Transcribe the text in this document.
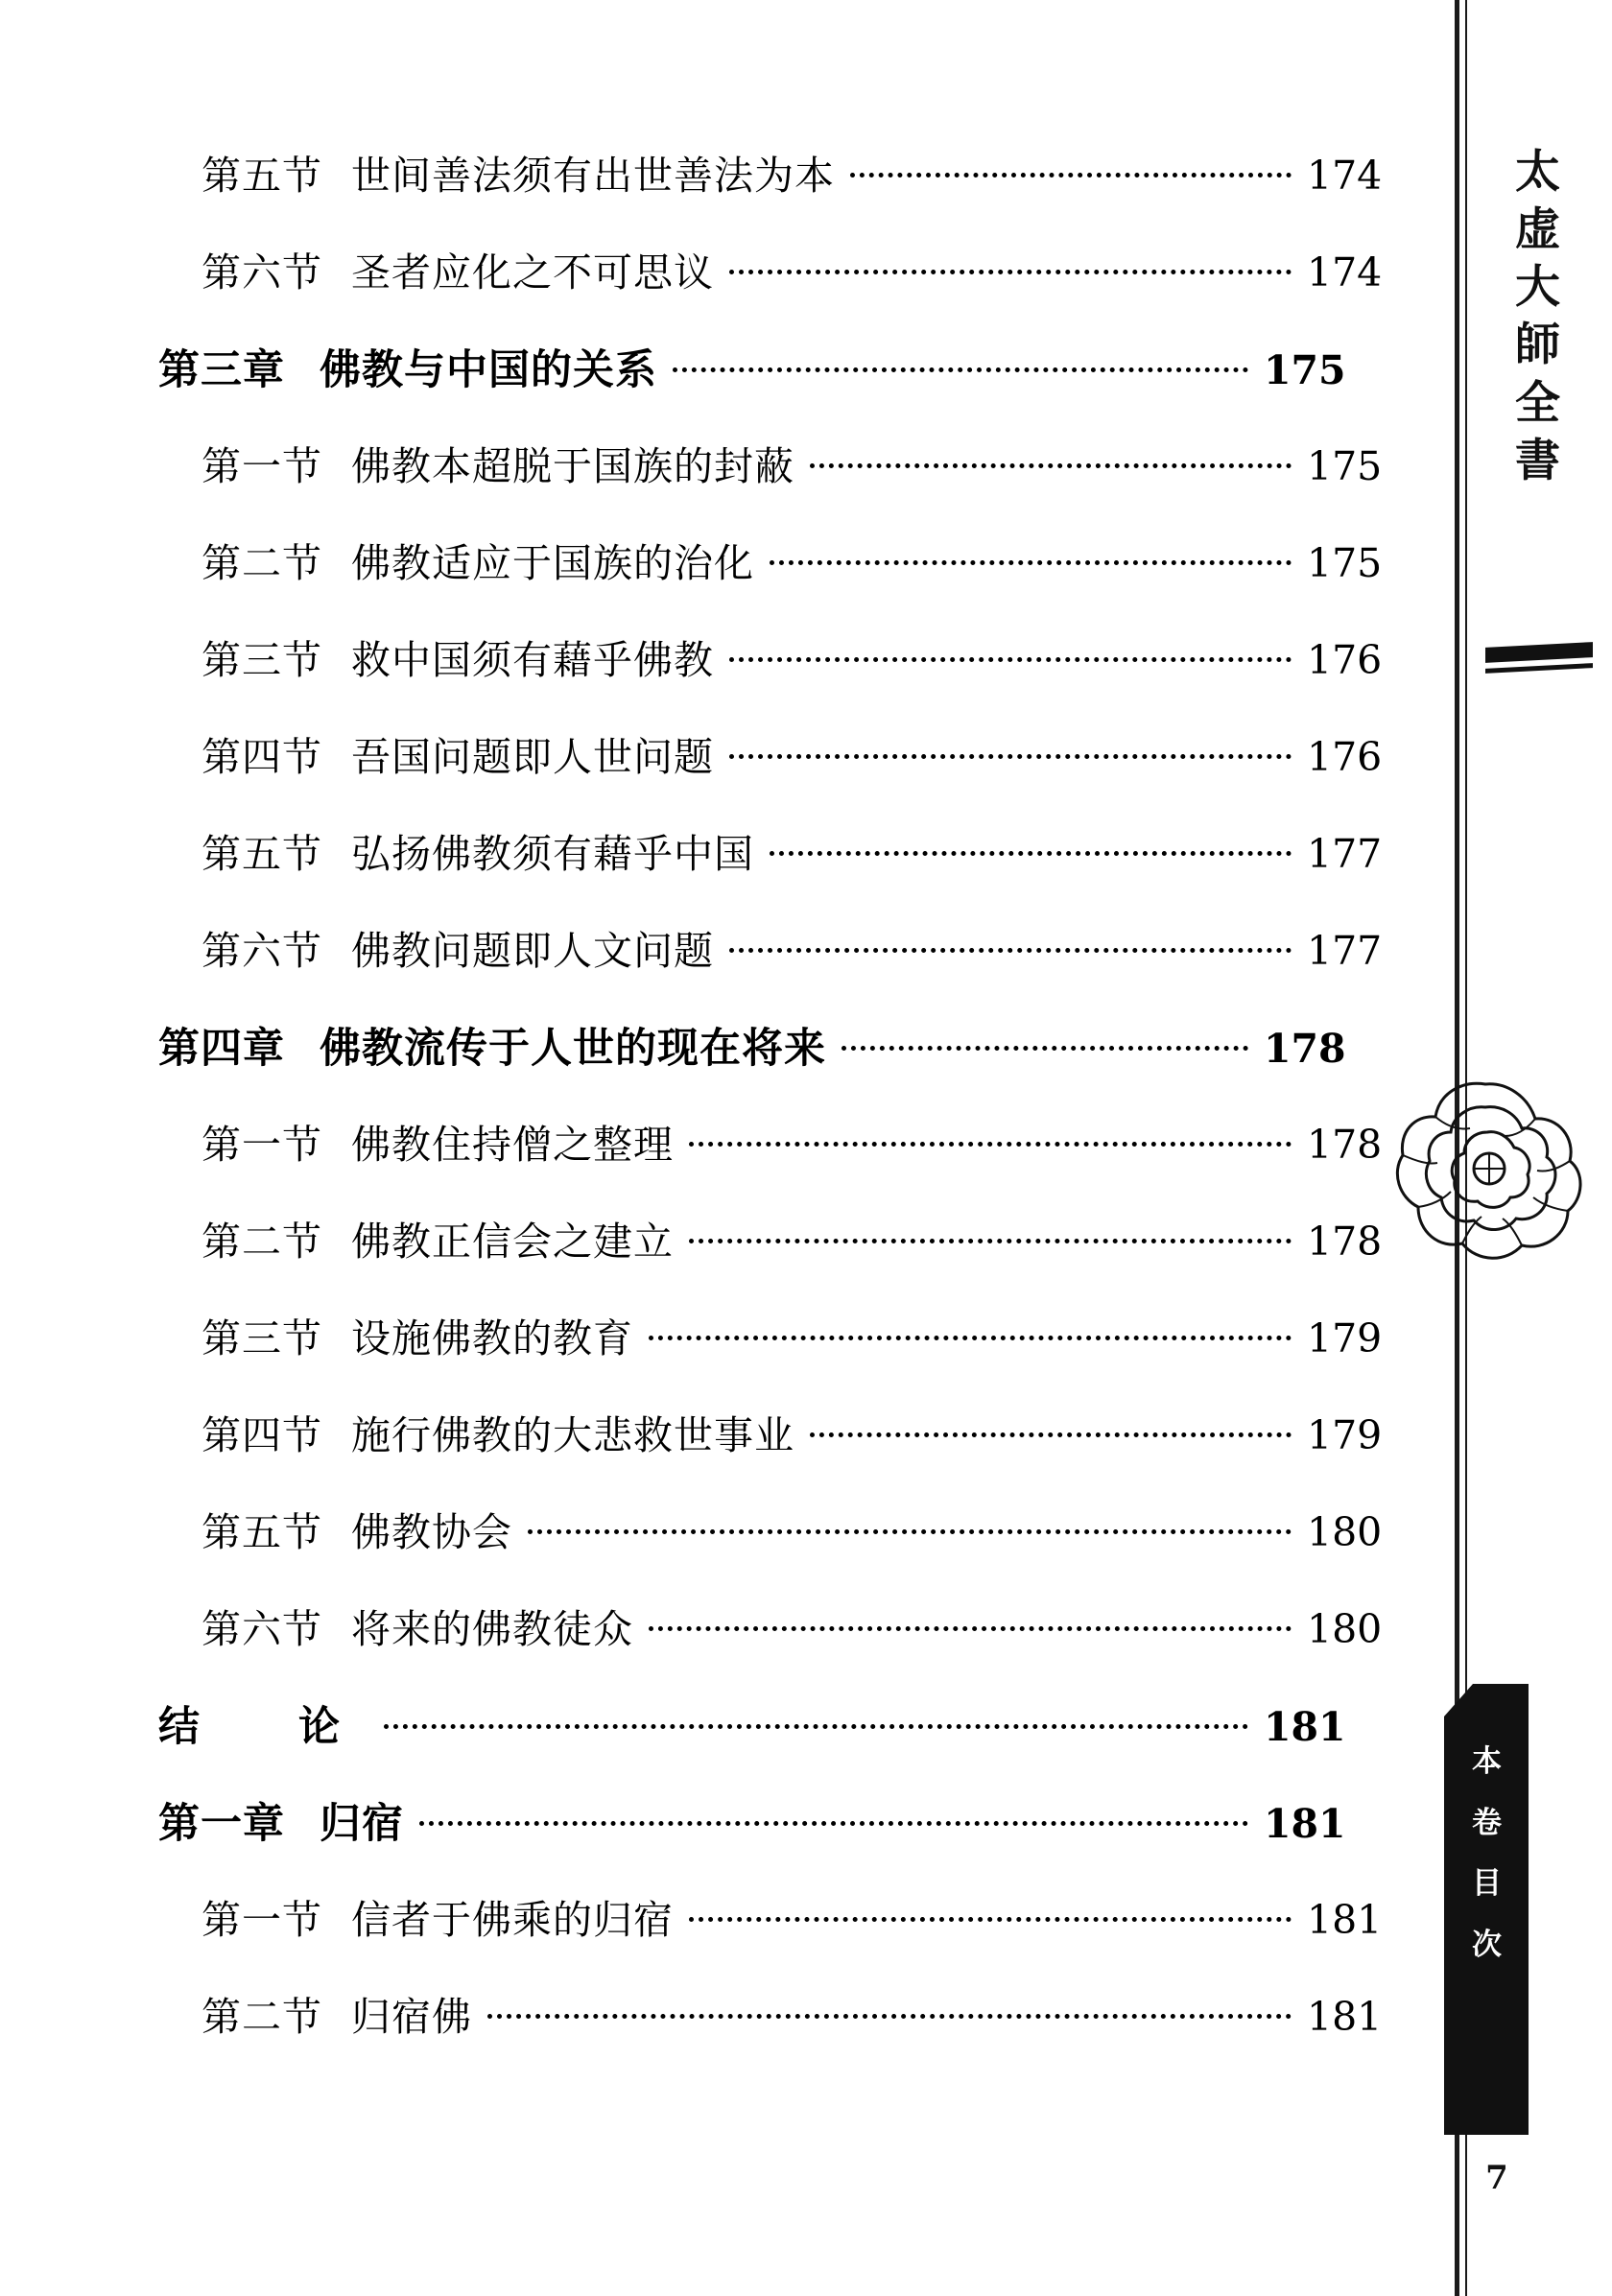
第五节 世间善法须有出世善法为本	174
第六节 圣者应化之不可思议	174
第三章 佛教与中国的关系	175
第一节 佛教本超脱于国族的封蔽	175
第二节 佛教适应于国族的治化	175
第三节 救中国须有藉乎佛教	176
第四节 吾国问题即人世问题	176
第五节 弘扬佛教须有藉乎中国	177
第六节 佛教问题即人文问题	177
第四章 佛教流传于人世的现在将来	178
第一节 佛教住持僧之整理	178
第二节 佛教正信会之建立	178
第三节 设施佛教的教育	179
第四节 施行佛教的大悲救世事业	179
第五节 佛教协会	180
第六节 将来的佛教徒众	180
结　论	181
第一章 归宿	181
第一节 信者于佛乘的归宿	181
第二节 归宿佛	181
太
虚
大
師
全
書
本
卷
目
次
7
